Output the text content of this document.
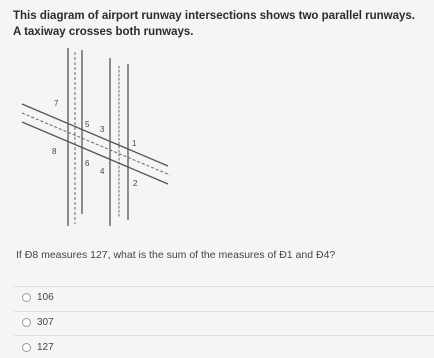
This diagram of airport runway intersections shows two parallel runways. A taxiway crosses both runways.

7
5
3
1
8
6
4
2

If Ð8 measures 127, what is the sum of the measures of Ð1 and Ð4?

106
307
127
